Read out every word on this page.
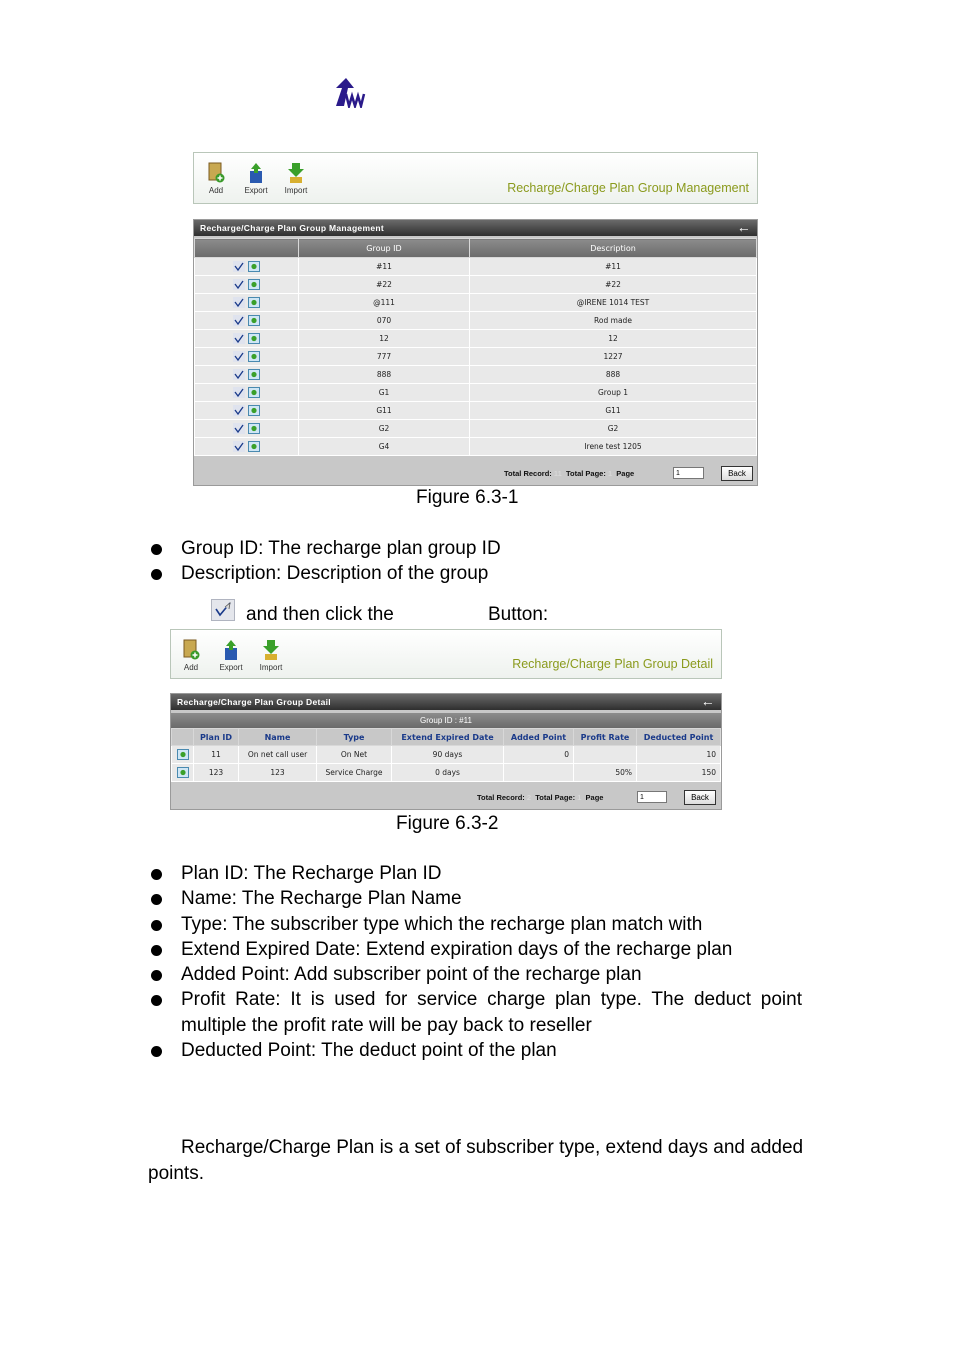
Add	Export	Import	Recharge/Charge Plan Group Management
Recharge/Charge Plan Group Management	←
	Group ID	Description
	#11	#11
	#22	#22
	@111	@IRENE 1014 TEST
	070	Rod made
	12	12
	777	1227
	888	888
	G1	Group 1
	G11	G11
	G2	G2
	G4	Irene test 1205
Total Record: 11 Total Page: 1 Page
1	Back
Figure 6.3-1
Group ID: The recharge plan group ID
Description: Description of the group
and then click the	Button:
Add	Export	Import	Recharge/Charge Plan Group Detail
Recharge/Charge Plan Group Detail	←
Group ID : #11
	Plan ID	Name	Type	Extend Expired Date	Added Point	Profit Rate	Deducted Point
	11	On net call user	On Net	90 days	0		10
	123	123	Service Charge	0 days		50%	150
Total Record: 2 Total Page: 1 Page
1	Back
Figure 6.3-2
Plan ID: The Recharge Plan ID
Name: The Recharge Plan Name
Type: The subscriber type which the recharge plan match with
Extend Expired Date: Extend expiration days of the recharge plan
Added Point: Add subscriber point of the recharge plan
Profit Rate: It is used for service charge plan type. The deduct point multiple the profit rate will be pay back to reseller
Deducted Point: The deduct point of the plan
Recharge/Charge Plan is a set of subscriber type, extend days and added points.
